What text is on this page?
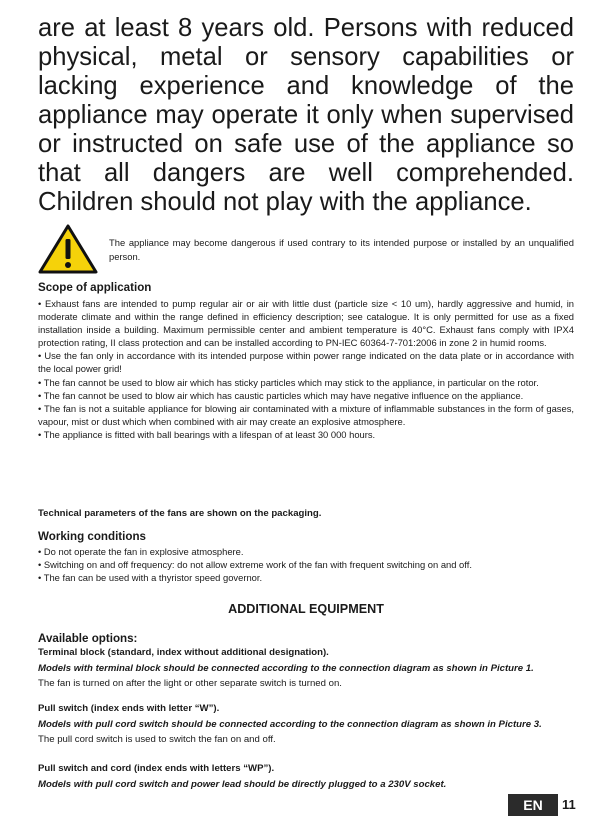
are at least 8 years old. Persons with reduced physical, metal or sensory capabilities or lacking experience and knowledge of the appliance may operate it only when supervised or instructed on safe use of the appliance so that all dangers are well comprehended. Children should not play with the appliance.

The appliance may become dangerous if used contrary to its intended purpose or installed by an unqualified person.

Scope of application

• Exhaust fans are intended to pump regular air or air with little dust (particle size < 10 um), hardly aggressive and humid, in moderate climate and within the range defined in efficiency description; see catalogue. It is only permitted for use as a fixed installation inside a building. Maximum permissible center and ambient temperature is 40°C. Exhaust fans comply with IPX4 protection rating, II class protection and can be installed according to PN-IEC 60364-7-701:2006 in zone 2 in humid rooms.

• Use the fan only in accordance with its intended purpose within power range indicated on the data plate or in accordance with the local power grid!

• The fan cannot be used to blow air which has sticky particles which may stick to the appliance, in particular on the rotor.

• The fan cannot be used to blow air which has caustic particles which may have negative influence on the appliance.

• The fan is not a suitable appliance for blowing air contaminated with a mixture of inflammable substances in the form of gases, vapour, mist or dust which when combined with air may create an explosive atmosphere.

• The appliance is fitted with ball bearings with a lifespan of at least 30 000 hours.

Technical parameters of the fans are shown on the packaging.

Working conditions

• Do not operate the fan in explosive atmosphere.

• Switching on and off frequency: do not allow extreme work of the fan with frequent switching on and off.

• The fan can be used with a thyristor speed governor.

ADDITIONAL EQUIPMENT

Available options:

Terminal block (standard, index without additional designation).

Models with terminal block should be connected according to the connection diagram as shown in Picture 1.

The fan is turned on after the light or other separate switch is turned on.

Pull switch (index ends with letter “W”).

Models with pull cord switch should be connected according to the connection diagram as shown in Picture 3.

The pull cord switch is used to switch the fan on and off.

Pull switch and cord (index ends with letters “WP”).

Models with pull cord switch and power lead should be directly plugged to a 230V socket.

EN	11
